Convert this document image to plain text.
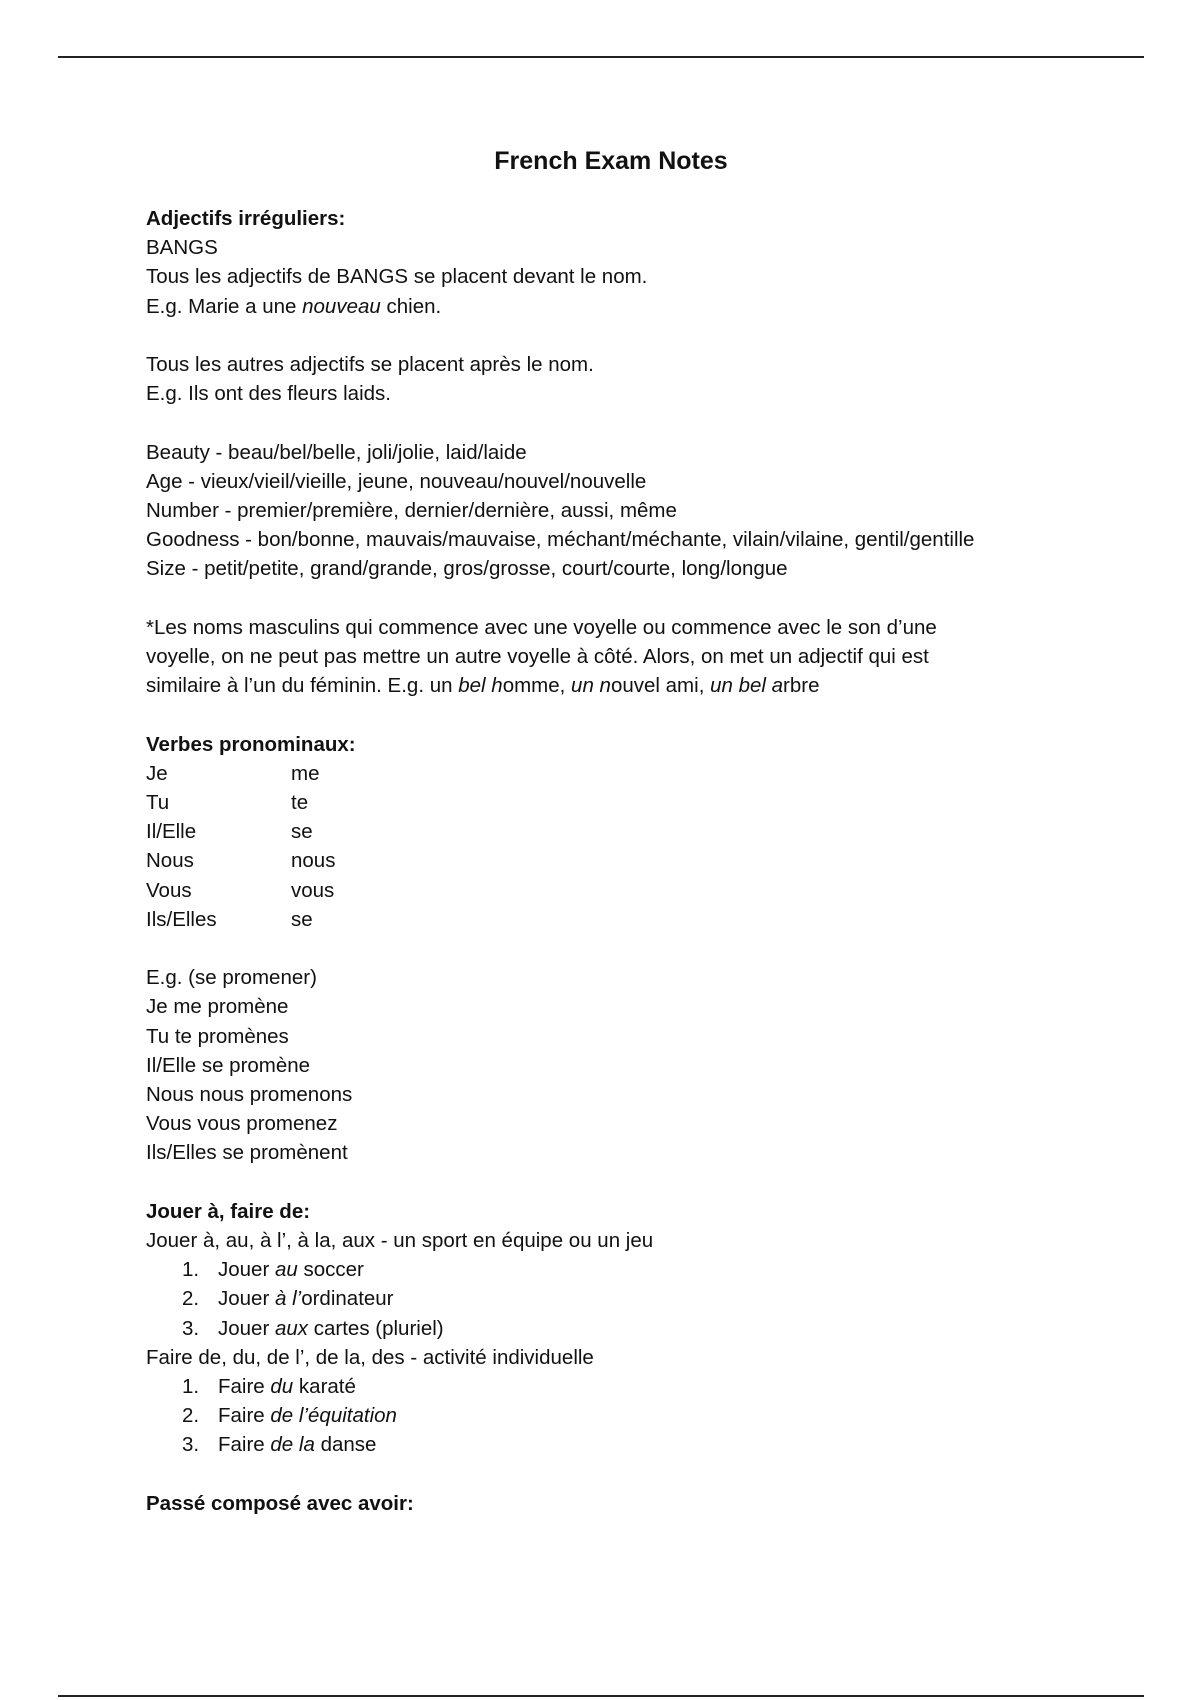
French Exam Notes
Adjectifs irréguliers:
BANGS
Tous les adjectifs de BANGS se placent devant le nom.
E.g. Marie a une nouveau chien.
Tous les autres adjectifs se placent après le nom.
E.g. Ils ont des fleurs laids.
Beauty - beau/bel/belle, joli/jolie, laid/laide
Age - vieux/vieil/vieille, jeune, nouveau/nouvel/nouvelle
Number - premier/première, dernier/dernière, aussi, même
Goodness - bon/bonne, mauvais/mauvaise, méchant/méchante, vilain/vilaine, gentil/gentille
Size - petit/petite, grand/grande, gros/grosse, court/courte, long/longue
*Les noms masculins qui commence avec une voyelle ou commence avec le son d’une
voyelle, on ne peut pas mettre un autre voyelle à côté. Alors, on met un adjectif qui est
similaire à l’un du féminin. E.g. un bel homme, un nouvel ami, un bel arbre
Verbes pronominaux:
Je	me
Tu	te
Il/Elle	se
Nous	nous
Vous	vous
Ils/Elles	se
E.g. (se promener)
Je me promène
Tu te promènes
Il/Elle se promène
Nous nous promenons
Vous vous promenez
Ils/Elles se promènent
Jouer à, faire de:
Jouer à, au, à l’, à la, aux - un sport en équipe ou un jeu
1. Jouer au soccer
2. Jouer à l’ordinateur
3. Jouer aux cartes (pluriel)
Faire de, du, de l’, de la, des - activité individuelle
1. Faire du karaté
2. Faire de l’équitation
3. Faire de la danse
Passé composé avec avoir:
